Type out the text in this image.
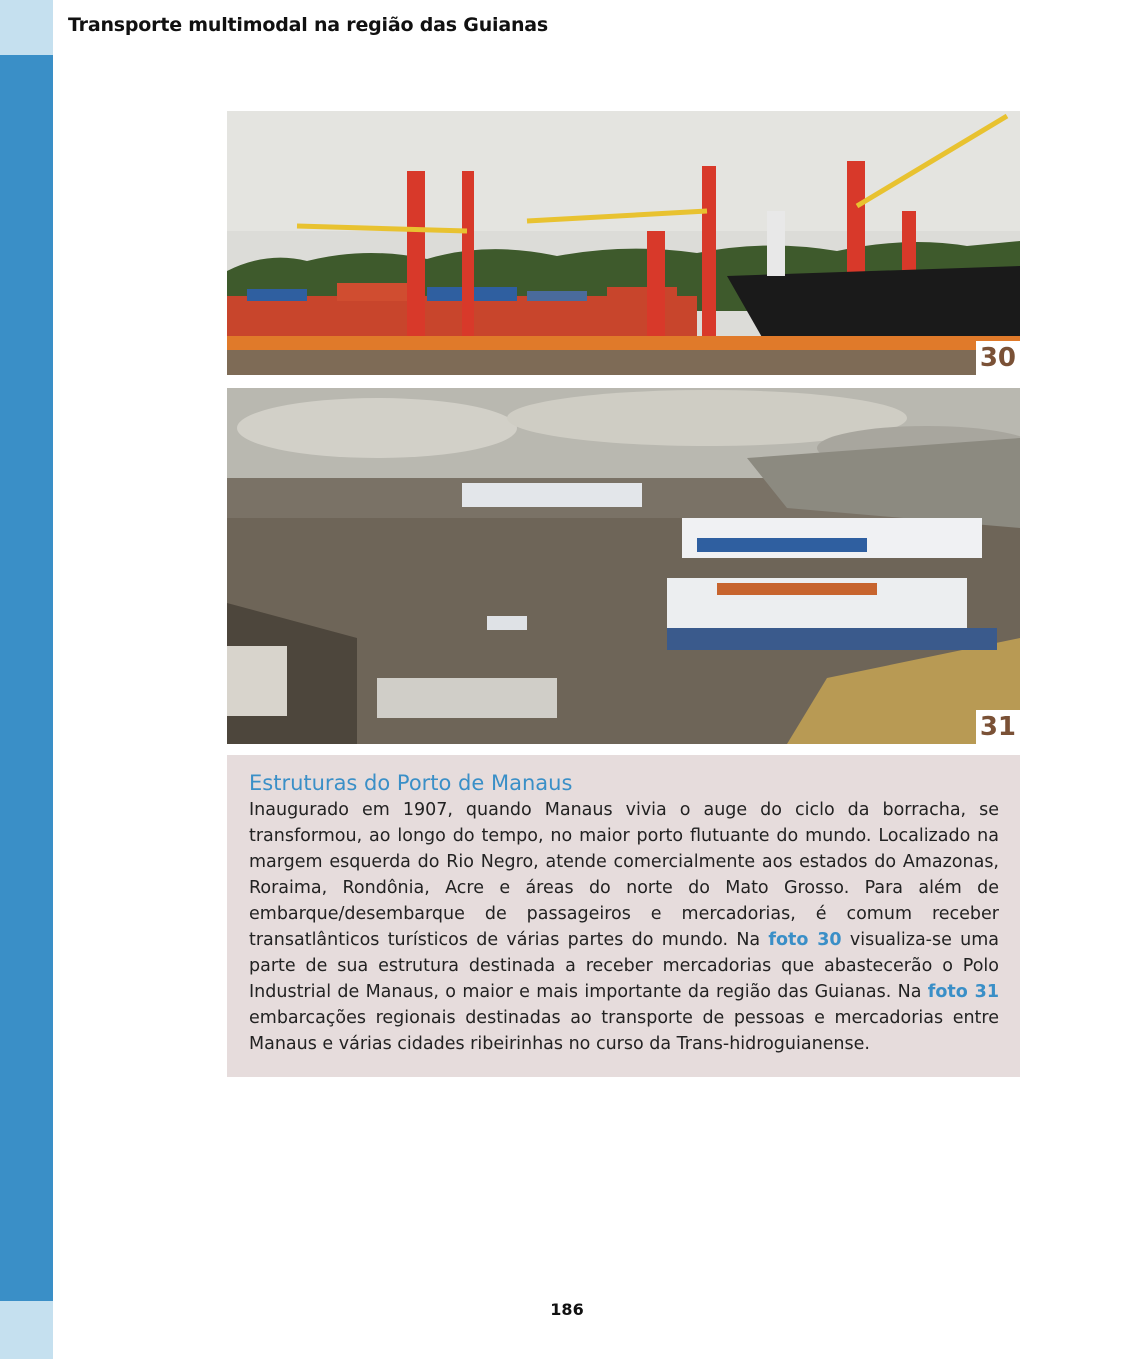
Transporte multimodal na região das Guianas
30
31
Estruturas do Porto de Manaus

Inaugurado em 1907, quando Manaus vivia o auge do ciclo da borracha, se transformou, ao longo do tempo, no maior porto flutuante do mundo. Localizado na margem esquerda do Rio Negro, atende comercialmente aos estados do Amazonas, Roraima, Rondônia, Acre e áreas do norte do Mato Grosso. Para além de embarque/desembarque de passageiros e mercadorias, é comum receber transatlânticos turísticos de várias partes do mundo. Na foto 30 visualiza-se uma parte de sua estrutura destinada a receber mercadorias que abastecerão o Polo Industrial de Manaus, o maior e mais importante da região das Guianas. Na foto 31 embarcações regionais destinadas ao transporte de pessoas e mercadorias entre Manaus e várias cidades ribeirinhas no curso da Trans-hidroguianense.

186
